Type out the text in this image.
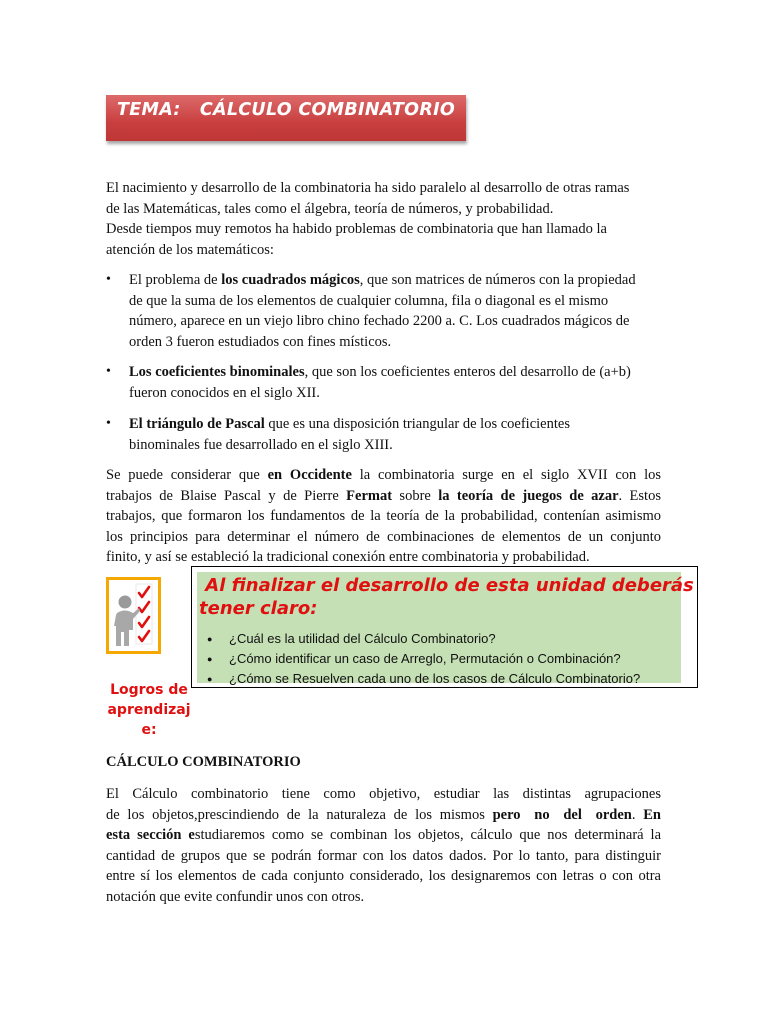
TEMA:   CÁLCULO COMBINATORIO

El nacimiento y desarrollo de la combinatoria ha sido paralelo al desarrollo de otras ramas
de las Matemáticas, tales como el álgebra, teoría de números, y probabilidad.
Desde tiempos muy remotos ha habido problemas de combinatoria que han llamado la
atención de los matemáticos:

• El problema de los cuadrados mágicos, que son matrices de números con la propiedad
de que la suma de los elementos de cualquier columna, fila o diagonal es el mismo
número, aparece en un viejo libro chino fechado 2200 a. C. Los cuadrados mágicos de
orden 3 fueron estudiados con fines místicos.
• Los coeficientes binominales, que son los coeficientes enteros del desarrollo de (a+b)
fueron conocidos en el siglo XII.
• El triángulo de Pascal que es una disposición triangular de los coeficientes
binominales fue desarrollado en el siglo XIII.

Se puede considerar que en Occidente la combinatoria surge en el siglo XVII con los
trabajos de Blaise Pascal y de Pierre Fermat sobre la teoría de juegos de azar. Estos
trabajos, que formaron los fundamentos de la teoría de la probabilidad, contenían asimismo
los principios para determinar el número de combinaciones de elementos de un conjunto
finito, y así se estableció la tradicional conexión entre combinatoria y probabilidad.

Logros de
aprendizaj
e:

Al finalizar el desarrollo de esta unidad deberás
tener claro:

● ¿Cuál es la utilidad del Cálculo Combinatorio?
● ¿Cómo identificar un caso de Arreglo, Permutación o Combinación?
● ¿Cómo se Resuelven cada uno de los casos de Cálculo Combinatorio?
CÁLCULO COMBINATORIO

El Cálculo combinatorio tiene como objetivo, estudiar las distintas agrupaciones
de los objetos,prescindiendo de la naturaleza de los mismos pero no del orden. En
esta sección estudiaremos como se combinan los objetos, cálculo que nos determinará la
cantidad de grupos que se podrán formar con los datos dados. Por lo tanto, para distinguir
entre sí los elementos de cada conjunto considerado, los designaremos con letras o con otra
notación que evite confundir unos con otros.
